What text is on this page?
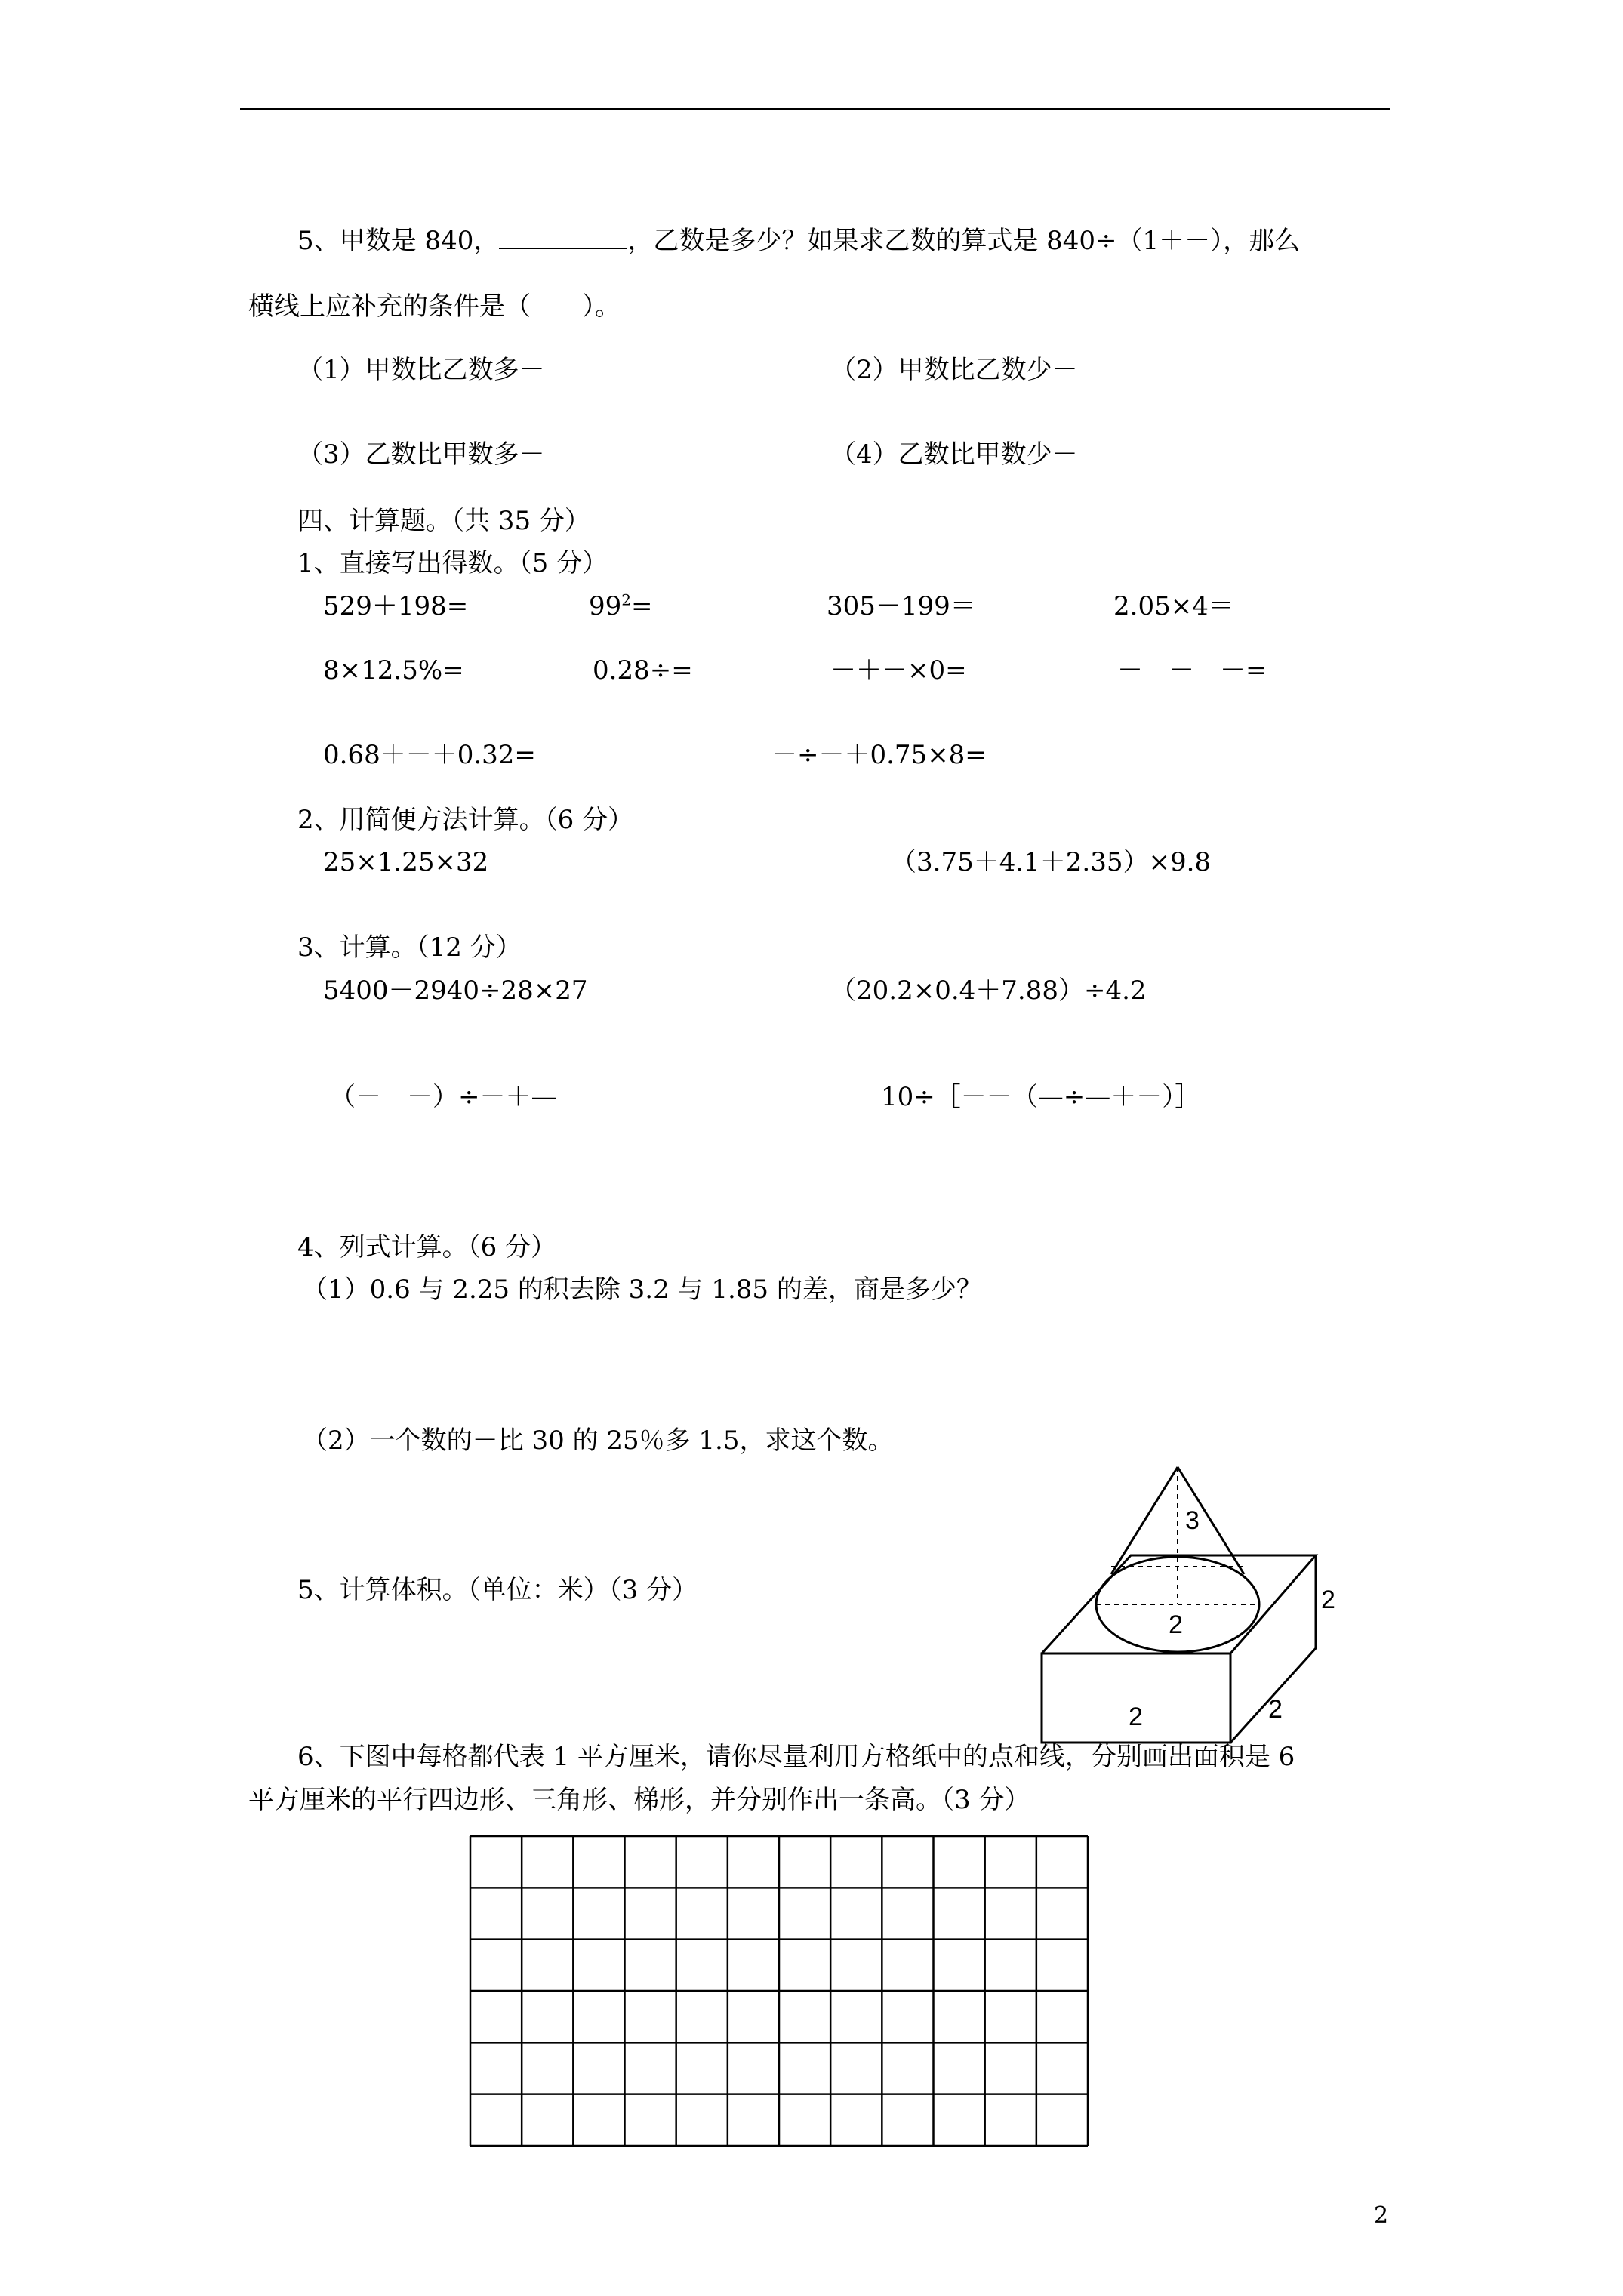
5、甲数是 840，	，乙数是多少？如果求乙数的算式是 840÷（1＋－），那么
横线上应补充的条件是（　　）。
（1）甲数比乙数多－	（2）甲数比乙数少－
（3）乙数比甲数多－	（4）乙数比甲数少－
四、计算题。（共 35 分）
1、直接写出得数。（5 分）
529＋198=	$99^2=$	305－199＝	2.05×4＝
8×12.5%=	0.28÷=	－＋－×0=	－　－　－=
0.68＋－＋0.32=	－÷－＋0.75×8=
2、用简便方法计算。（6 分）
25×1.25×32	（3.75＋4.1＋2.35）×9.8
3、计算。（12 分）
5400－2940÷28×27	（20.2×0.4＋7.88）÷4.2
（－　－）÷－＋—	10÷［－－（—÷—＋－）］
4、列式计算。（6 分）
（1）0.6 与 2.25 的积去除 3.2 与 1.85 的差，商是多少？
（2）一个数的－比 30 的 25％多 1.5，求这个数。
5、计算体积。（单位：米）（3 分）
3
2
2
2	2
6、下图中每格都代表 1 平方厘米，请你尽量利用方格纸中的点和线，分别画出面积是 6
平方厘米的平行四边形、三角形、梯形，并分别作出一条高。（3 分）
2
